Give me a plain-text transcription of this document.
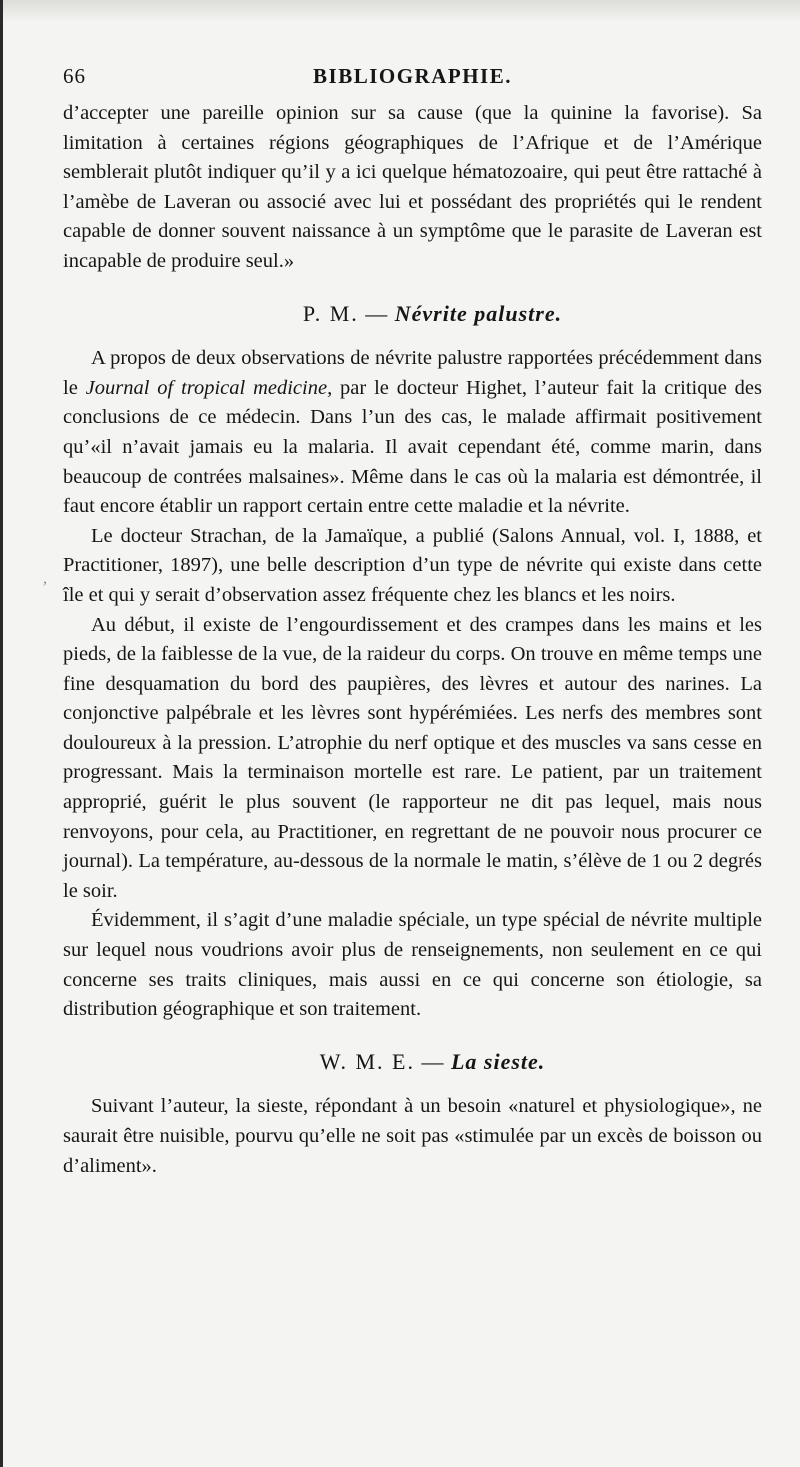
66	BIBLIOGRAPHIE.
,

d’accepter une pareille opinion sur sa cause (que la quinine la favorise). Sa limitation à certaines régions géographiques de l’Afrique et de l’Amérique semblerait plutôt indiquer qu’il y a ici quelque hématozoaire, qui peut être rattaché à l’amèbe de Laveran ou associé avec lui et possédant des propriétés qui le rendent capable de donner souvent naissance à un symptôme que le parasite de Laveran est incapable de produire seul.»

P. M. — Névrite palustre.

A propos de deux observations de névrite palustre rapportées précédemment dans le Journal of tropical medicine, par le docteur Highet, l’auteur fait la critique des conclusions de ce médecin. Dans l’un des cas, le malade affirmait positivement qu’«il n’avait jamais eu la malaria. Il avait cependant été, comme marin, dans beaucoup de contrées malsaines». Même dans le cas où la malaria est démontrée, il faut encore établir un rapport certain entre cette maladie et la névrite.

Le docteur Strachan, de la Jamaïque, a publié (Salons Annual, vol. I, 1888, et Practitioner, 1897), une belle description d’un type de névrite qui existe dans cette île et qui y serait d’observation assez fréquente chez les blancs et les noirs.

Au début, il existe de l’engourdissement et des crampes dans les mains et les pieds, de la faiblesse de la vue, de la raideur du corps. On trouve en même temps une fine desquamation du bord des paupières, des lèvres et autour des narines. La conjonctive palpébrale et les lèvres sont hypérémiées. Les nerfs des membres sont douloureux à la pression. L’atrophie du nerf optique et des muscles va sans cesse en progressant. Mais la terminaison mortelle est rare. Le patient, par un traitement approprié, guérit le plus souvent (le rapporteur ne dit pas lequel, mais nous renvoyons, pour cela, au Practitioner, en regrettant de ne pouvoir nous procurer ce journal). La température, au-dessous de la normale le matin, s’élève de 1 ou 2 degrés le soir.

Évidemment, il s’agit d’une maladie spéciale, un type spécial de névrite multiple sur lequel nous voudrions avoir plus de renseignements, non seulement en ce qui concerne ses traits cliniques, mais aussi en ce qui concerne son étiologie, sa distribution géographique et son traitement.

W. M. E. — La sieste.

Suivant l’auteur, la sieste, répondant à un besoin «naturel et physiologique», ne saurait être nuisible, pourvu qu’elle ne soit pas «stimulée par un excès de boisson ou d’aliment».
